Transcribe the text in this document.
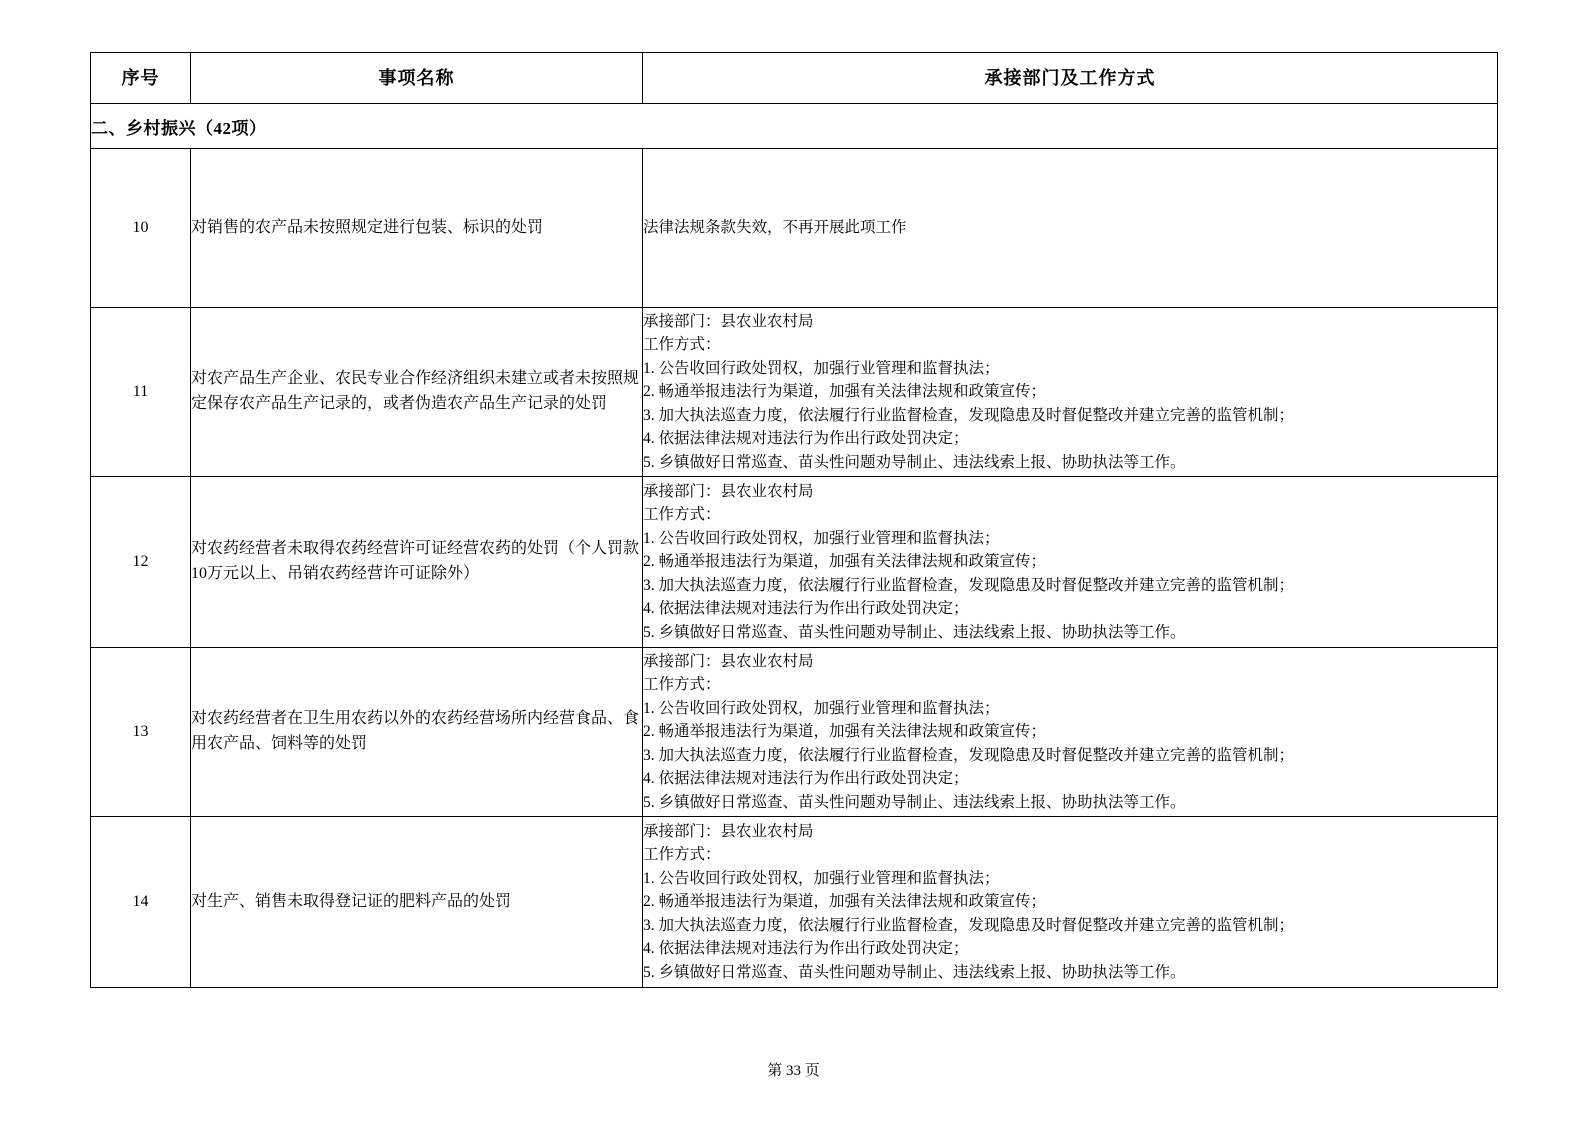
序号	事项名称	承接部门及工作方式
二、乡村振兴（42项）		
10	对销售的农产品未按照规定进行包装、标识的处罚	法律法规条款失效，不再开展此项工作

11	对农产品生产企业、农民专业合作经济组织未建立或者未按照规定保存农产品生产记录的，或者伪造农产品生产记录的处罚	
承接部门：县农业农村局
工作方式：
1. 公告收回行政处罚权，加强行业管理和监督执法；
2. 畅通举报违法行为渠道，加强有关法律法规和政策宣传；
3. 加大执法巡查力度，依法履行行业监督检查，发现隐患及时督促整改并建立完善的监管机制；
4. 依据法律法规对违法行为作出行政处罚决定；
5. 乡镇做好日常巡查、苗头性问题劝导制止、违法线索上报、协助执法等工作。

12	对农药经营者未取得农药经营许可证经营农药的处罚（个人罚款10万元以上、吊销农药经营许可证除外）	
承接部门：县农业农村局
工作方式：
1. 公告收回行政处罚权，加强行业管理和监督执法；
2. 畅通举报违法行为渠道，加强有关法律法规和政策宣传；
3. 加大执法巡查力度，依法履行行业监督检查，发现隐患及时督促整改并建立完善的监管机制；
4. 依据法律法规对违法行为作出行政处罚决定；
5. 乡镇做好日常巡查、苗头性问题劝导制止、违法线索上报、协助执法等工作。

13	对农药经营者在卫生用农药以外的农药经营场所内经营食品、食用农产品、饲料等的处罚	
承接部门：县农业农村局
工作方式：
1. 公告收回行政处罚权，加强行业管理和监督执法；
2. 畅通举报违法行为渠道，加强有关法律法规和政策宣传；
3. 加大执法巡查力度，依法履行行业监督检查，发现隐患及时督促整改并建立完善的监管机制；
4. 依据法律法规对违法行为作出行政处罚决定；
5. 乡镇做好日常巡查、苗头性问题劝导制止、违法线索上报、协助执法等工作。

14	对生产、销售未取得登记证的肥料产品的处罚	
承接部门：县农业农村局
工作方式：
1. 公告收回行政处罚权，加强行业管理和监督执法；
2. 畅通举报违法行为渠道，加强有关法律法规和政策宣传；
3. 加大执法巡查力度，依法履行行业监督检查，发现隐患及时督促整改并建立完善的监管机制；
4. 依据法律法规对违法行为作出行政处罚决定；
5. 乡镇做好日常巡查、苗头性问题劝导制止、违法线索上报、协助执法等工作。
第 33 页
